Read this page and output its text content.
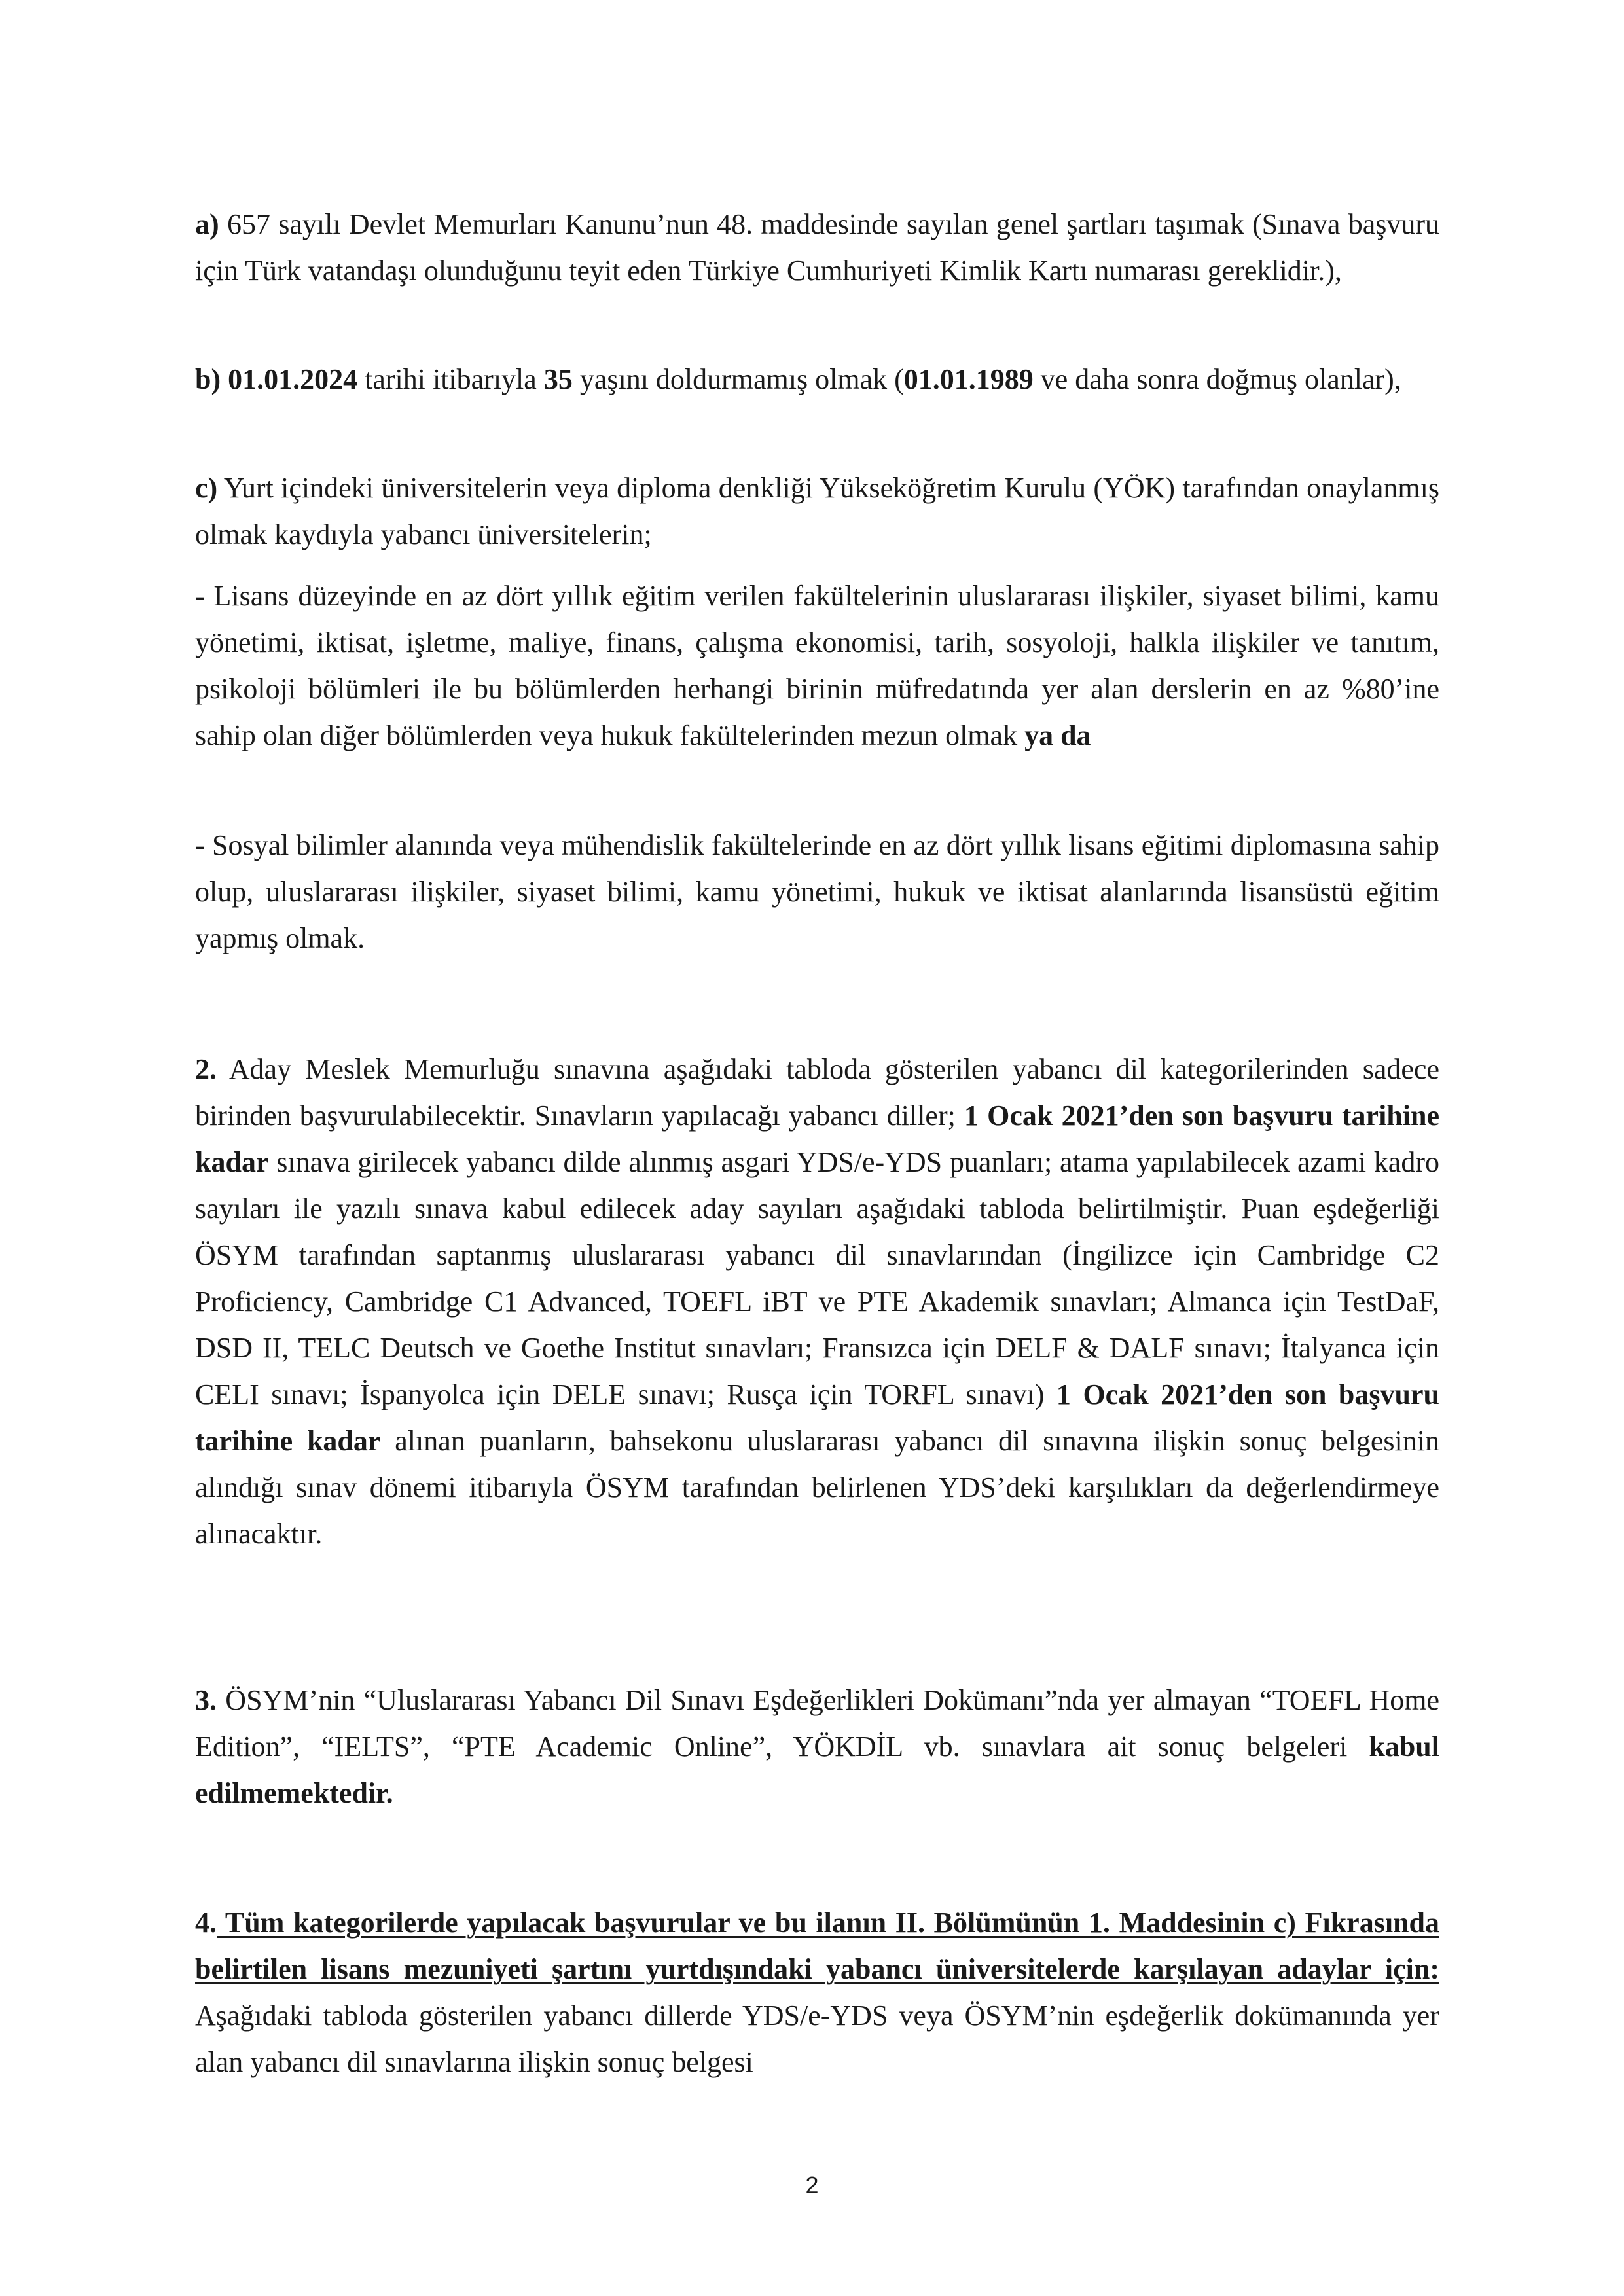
a) 657 sayılı Devlet Memurları Kanunu’nun 48. maddesinde sayılan genel şartları taşımak (Sınava başvuru için Türk vatandaşı olunduğunu teyit eden Türkiye Cumhuriyeti Kimlik Kartı numarası gereklidir.),

b) 01.01.2024 tarihi itibarıyla 35 yaşını doldurmamış olmak (01.01.1989 ve daha sonra doğmuş olanlar),

c) Yurt içindeki üniversitelerin veya diploma denkliği Yükseköğretim Kurulu (YÖK) tarafından onaylanmış olmak kaydıyla yabancı üniversitelerin;

- Lisans düzeyinde en az dört yıllık eğitim verilen fakültelerinin uluslararası ilişkiler, siyaset bilimi, kamu yönetimi, iktisat, işletme, maliye, finans, çalışma ekonomisi, tarih, sosyoloji, halkla ilişkiler ve tanıtım, psikoloji bölümleri ile bu bölümlerden herhangi birinin müfredatında yer alan derslerin en az %80’ine sahip olan diğer bölümlerden veya hukuk fakültelerinden mezun olmak ya da

- Sosyal bilimler alanında veya mühendislik fakültelerinde en az dört yıllık lisans eğitimi diplomasına sahip olup, uluslararası ilişkiler, siyaset bilimi, kamu yönetimi, hukuk ve iktisat alanlarında lisansüstü eğitim yapmış olmak.

2. Aday Meslek Memurluğu sınavına aşağıdaki tabloda gösterilen yabancı dil kategorilerinden sadece birinden başvurulabilecektir. Sınavların yapılacağı yabancı diller; 1 Ocak 2021’den son başvuru tarihine kadar sınava girilecek yabancı dilde alınmış asgari YDS/e-YDS puanları; atama yapılabilecek azami kadro sayıları ile yazılı sınava kabul edilecek aday sayıları aşağıdaki tabloda belirtilmiştir. Puan eşdeğerliği ÖSYM tarafından saptanmış uluslararası yabancı dil sınavlarından (İngilizce için Cambridge C2 Proficiency, Cambridge C1 Advanced, TOEFL iBT ve PTE Akademik sınavları; Almanca için TestDaF, DSD II, TELC Deutsch ve Goethe Institut sınavları; Fransızca için DELF & DALF sınavı; İtalyanca için CELI sınavı; İspanyolca için DELE sınavı; Rusça için TORFL sınavı) 1 Ocak 2021’den son başvuru tarihine kadar alınan puanların, bahsekonu uluslararası yabancı dil sınavına ilişkin sonuç belgesinin alındığı sınav dönemi itibarıyla ÖSYM tarafından belirlenen YDS’deki karşılıkları da değerlendirmeye alınacaktır.

3. ÖSYM’nin “Uluslararası Yabancı Dil Sınavı Eşdeğerlikleri Dokümanı”nda yer almayan “TOEFL Home Edition”, “IELTS”, “PTE Academic Online”, YÖKDİL vb. sınavlara ait sonuç belgeleri kabul edilmemektedir.

4. Tüm kategorilerde yapılacak başvurular ve bu ilanın II. Bölümünün 1. Maddesinin c) Fıkrasında belirtilen lisans mezuniyeti şartını yurtdışındaki yabancı üniversitelerde karşılayan adaylar için: Aşağıdaki tabloda gösterilen yabancı dillerde YDS/e-YDS veya ÖSYM’nin eşdeğerlik dokümanında yer alan yabancı dil sınavlarına ilişkin sonuç belgesi

2
